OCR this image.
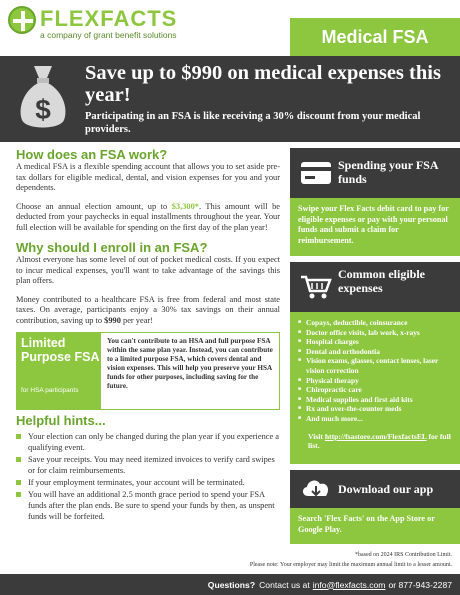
FLEXFACTS
a company of grant benefit solutions	Medical FSA
$
Save up to $990 on medical expenses this year!
Participating in an FSA is like receiving a 30% discount from your medical providers.
How does an FSA work?

A medical FSA is a flexible spending account that allows you to set aside pre-tax dollars for eligible medical, dental, and vision expenses for you and your dependents.

Choose an annual election amount, up to $3,300*. This amount will be deducted from your paychecks in equal installments throughout the year. Your full election will be available for spending on the first day of the plan year!

Why should I enroll in an FSA?

Almost everyone has some level of out of pocket medical costs. If you expect to incur medical expenses, you'll want to take advantage of the savings this plan offers.

Money contributed to a healthcare FSA is free from federal and most state taxes. On average, participants enjoy a 30% tax savings on their annual contribution, saving up to $990 per year!

Limited Purpose FSA
for HSA participants
You can't contribute to an HSA and full purpose FSA within the same plan year. Instead, you can contribute to a limited purpose FSA, which covers dental and vision expenses. This will help you preserve your HSA funds for other purposes, including saving for the future.
Helpful hints...
Your election can only be changed during the plan year if you experience a qualifying event.
Save your receipts. You may need itemized invoices to verify card swipes or for claim reimbursements.
If your employment terminates, your account will be terminated.
You will have an additional 2.5 month grace period to spend your FSA funds after the plan ends. Be sure to spend your funds by then, as unspent funds will be forfeited.
Spending your FSA funds
Swipe your Flex Facts debit card to pay for eligible expenses or pay with your personal funds and submit a claim for reimbursement.
Common eligible expenses
■ Copays, deductible, coinsurance
■ Doctor office visits, lab work, x-rays
■ Hospital charges
■ Dental and orthodontia
■ Vision exams, glasses, contact lenses, laser vision correction
■ Physical therapy
■ Chiropractic care
■ Medical supplies and first aid kits
■ Rx and over-the-counter meds
■ And much more...
Visit http://fsastore.com/FlexfactsEL for full list.
Download our app
Search 'Flex Facts' on the App Store or Google Play.
*based on 2024 IRS Contribution Limit.
Please note: Your employer may limit the maximum annual limit to a lesser amount.
Questions? Contact us at info@flexfacts.com or 877-943-2287
